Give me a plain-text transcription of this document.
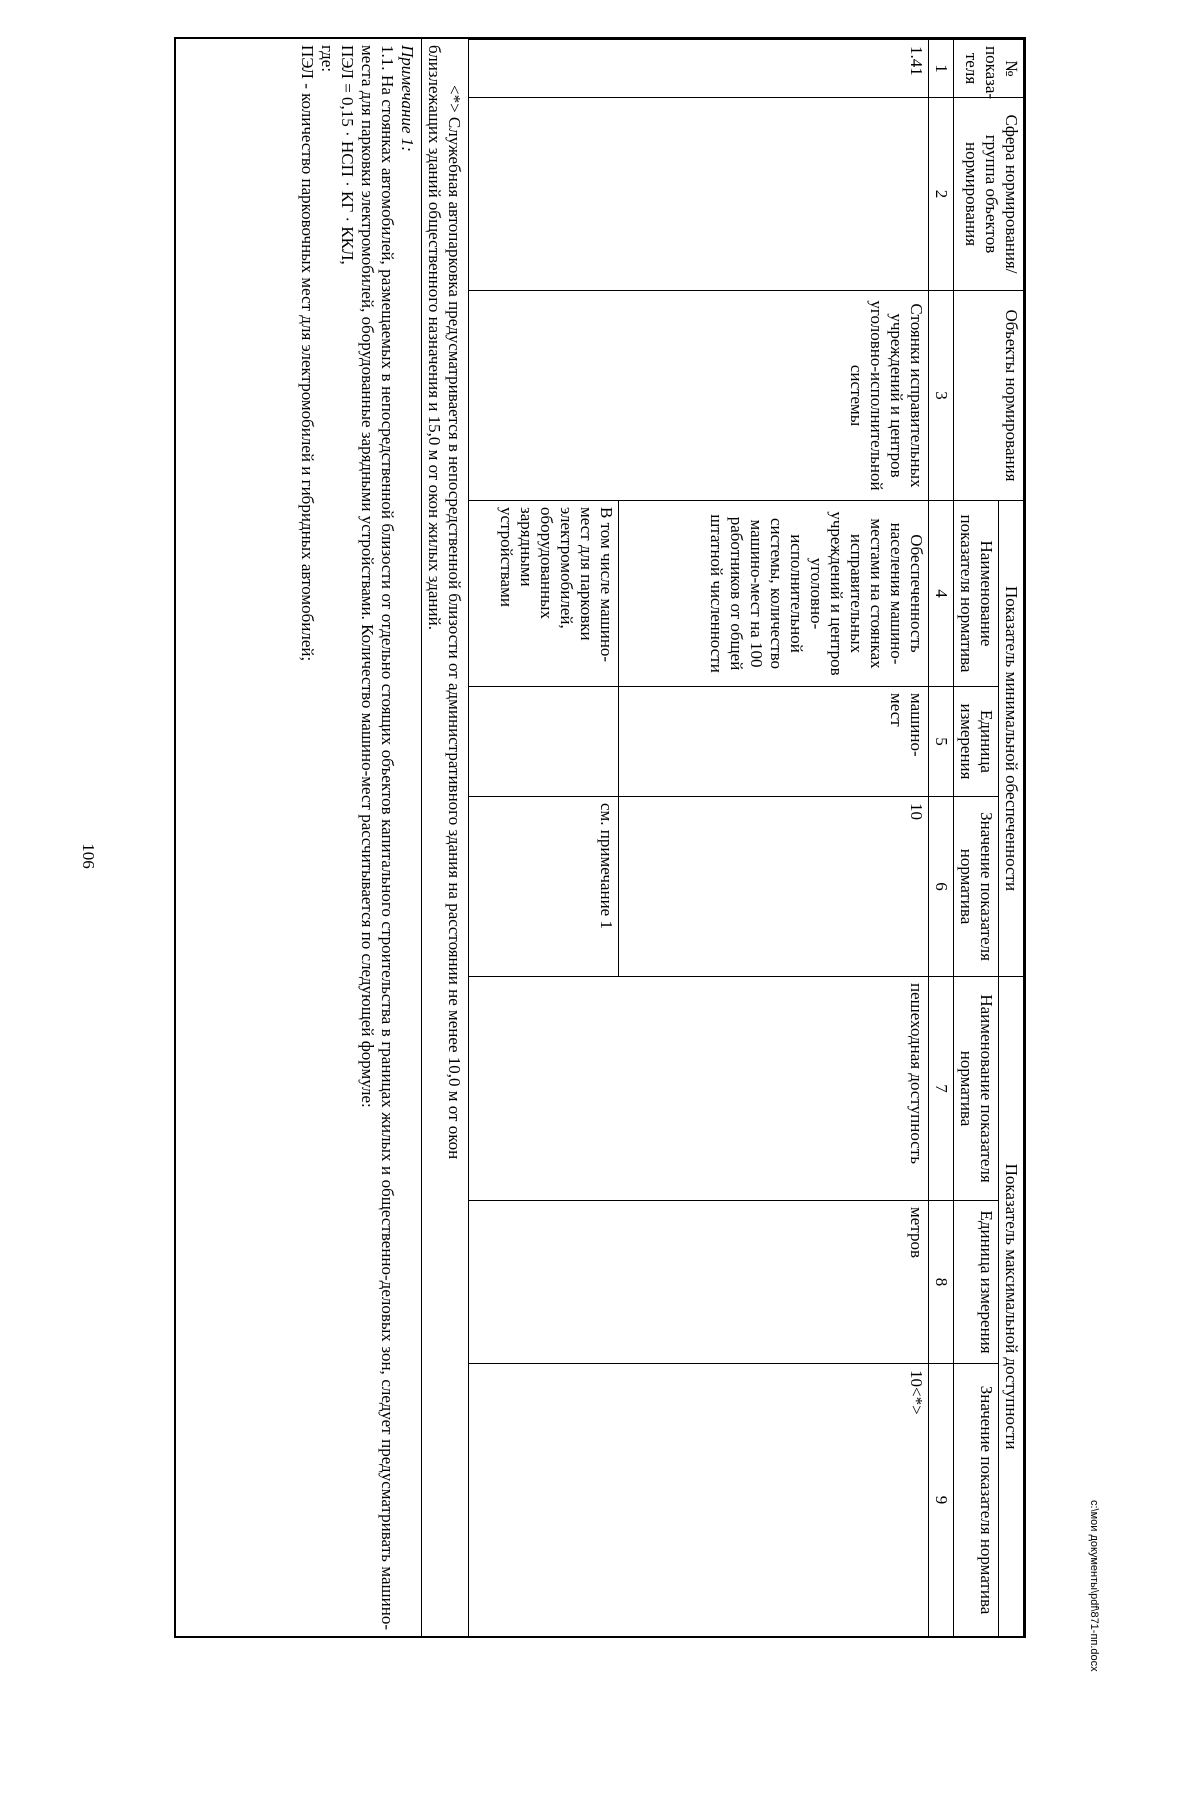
106
№ показа-теля	Сфера нормирования/ группа объектов нормирования	Объекты нормирования	Показатель минимальной обеспеченности			Показатель максимальной доступности		
			Наименование показателя норматива	Единица измерения	Значение показателя норматива	Наименование показателя норматива	Единица измерения	Значение показателя норматива
1	2	3	4	5	6	7	8	9
1.41		Стоянки исправительных учреждений и центров уголовно-исполнительной системы	Обеспеченность населения машино-местами на стоянках исправительных учреждений и центров уголовно-исполнительной системы, количество машино-мест на 100 работников от общей штатной численности	машино-мест	10	пешеходная доступность	метров	10<*>
			В том числе машино-мест для парковки электромобилей, оборудованных зарядными устройствами		см. примечание 1			
<*> Служебная автопарковка предусматривается в непосредственной близости от административного здания на расстоянии не менее 10,0 м от окон
близлежащих зданий общественного назначения и 15,0 м от окон жилых зданий.

Примечание 1:

1.1. На стоянках автомобилей, размещаемых в непосредственной близости от отдельно стоящих объектов капитального строительства в границах жилых и общественно-деловых зон, следует предусматривать машино-места для парковки электромобилей, оборудованные зарядными устройствами. Количество машино-мест рассчитывается по следующей формуле:

ПЭЛ = 0,15 · НСП · КГ · ККЛ,

где:

ПЭЛ - количество парковочных мест для электромобилей и гибридных автомобилей;

c:\мои документы\pdf\871-пп.docx
